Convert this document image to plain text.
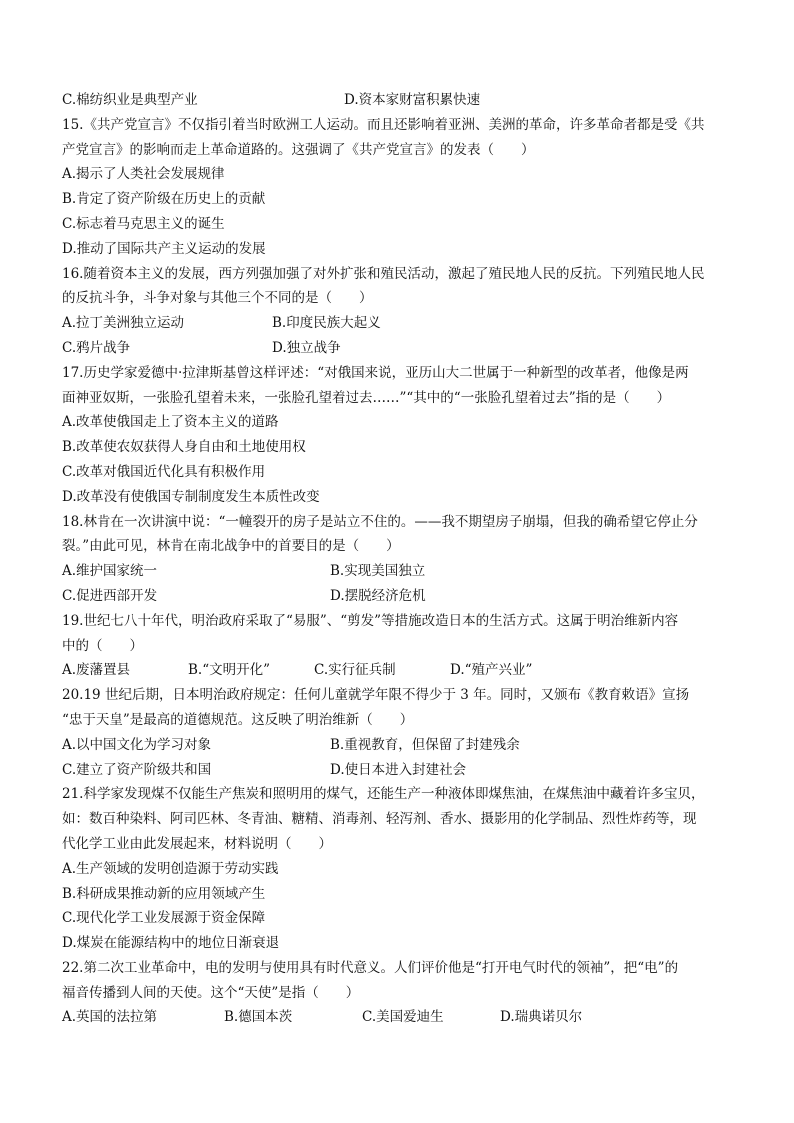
C.棉纺织业是典型产业	D.资本家财富积累快速
15.《共产党宣言》不仅指引着当时欧洲工人运动。而且还影响着亚洲、美洲的革命，许多革命者都是受《共
产党宣言》的影响而走上革命道路的。这强调了《共产党宣言》的发表（　　）
A.揭示了人类社会发展规律
B.肯定了资产阶级在历史上的贡献
C.标志着马克思主义的诞生
D.推动了国际共产主义运动的发展
16.随着资本主义的发展，西方列强加强了对外扩张和殖民活动，激起了殖民地人民的反抗。下列殖民地人民
的反抗斗争，斗争对象与其他三个不同的是（　　）
A.拉丁美洲独立运动	B.印度民族大起义
C.鸦片战争	D.独立战争
17.历史学家爱德中·拉津斯基曾这样评述：“对俄国来说，亚历山大二世属于一种新型的改革者，他像是两
面神亚奴斯，一张脸孔望着未来，一张脸孔望着过去……”“其中的“一张脸孔望着过去”指的是（　　）
A.改革使俄国走上了资本主义的道路
B.改革使农奴获得人身自由和土地使用权
C.改革对俄国近代化具有积极作用
D.改革没有使俄国专制制度发生本质性改变
18.林肯在一次讲演中说：“一幢裂开的房子是站立不住的。——我不期望房子崩塌，但我的确希望它停止分
裂。”由此可见，林肯在南北战争中的首要目的是（　　）
A.维护国家统一	B.实现美国独立
C.促进西部开发	D.摆脱经济危机
19.世纪七八十年代，明治政府采取了“易服”、“剪发”等措施改造日本的生活方式。这属于明治维新内容
中的（　　）
A.废藩置县	B.“文明开化”	C.实行征兵制	D.“殖产兴业”
20.19 世纪后期，日本明治政府规定：任何儿童就学年限不得少于 3 年。同时，又颁布《教育敕语》宣扬
“忠于天皇”是最高的道德规范。这反映了明治维新（　　）
A.以中国文化为学习对象	B.重视教育，但保留了封建残余
C.建立了资产阶级共和国	D.使日本进入封建社会
21.科学家发现煤不仅能生产焦炭和照明用的煤气，还能生产一种液体即煤焦油，在煤焦油中藏着许多宝贝，
如：数百种染料、阿司匹林、冬青油、糖精、消毒剂、轻泻剂、香水、摄影用的化学制品、烈性炸药等，现
代化学工业由此发展起来，材料说明（　　）
A.生产领域的发明创造源于劳动实践
B.科研成果推动新的应用领域产生
C.现代化学工业发展源于资金保障
D.煤炭在能源结构中的地位日渐衰退
22.第二次工业革命中，电的发明与使用具有时代意义。人们评价他是“打开电气时代的领袖”，把“电”的
福音传播到人间的天使。这个“天使”是指（　　）
A.英国的法拉第	B.德国本茨	C.美国爱迪生	D.瑞典诺贝尔
